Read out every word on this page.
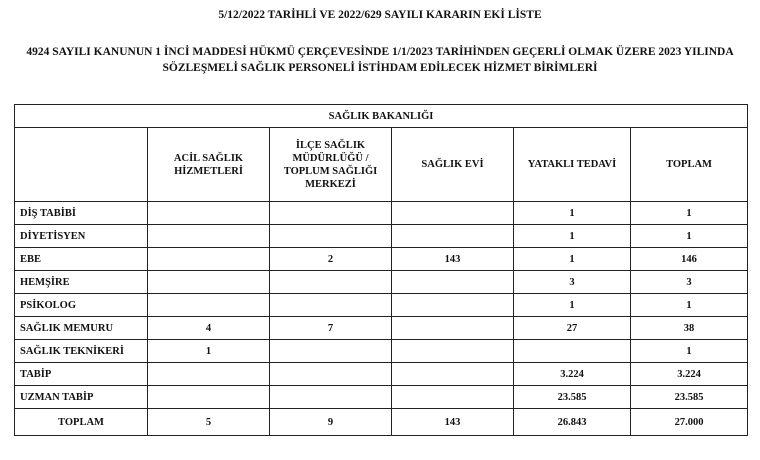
5/12/2022 TARİHLİ VE 2022/629 SAYILI KARARIN EKİ LİSTE
4924 SAYILI KANUNUN 1 İNCİ MADDESİ HÜKMÜ ÇERÇEVESİNDE 1/1/2023 TARİHİNDEN GEÇERLİ OLMAK ÜZERE 2023 YILINDA
SÖZLEŞMELİ SAĞLIK PERSONELİ İSTİHDAM EDİLECEK HİZMET BİRİMLERİ
SAĞLIK BAKANLIĞI					
	ACİL SAĞLIK HİZMETLERİ	İLÇE SAĞLIK MÜDÜRLÜĞÜ / TOPLUM SAĞLIĞI MERKEZİ	SAĞLIK EVİ	YATAKLI TEDAVİ	TOPLAM
DİŞ TABİBİ				1	1
DİYETİSYEN				1	1
EBE		2	143	1	146
HEMŞİRE				3	3
PSİKOLOG				1	1
SAĞLIK MEMURU	4	7		27	38
SAĞLIK TEKNİKERİ	1				1
TABİP				3.224	3.224
UZMAN TABİP				23.585	23.585
TOPLAM	5	9	143	26.843	27.000
